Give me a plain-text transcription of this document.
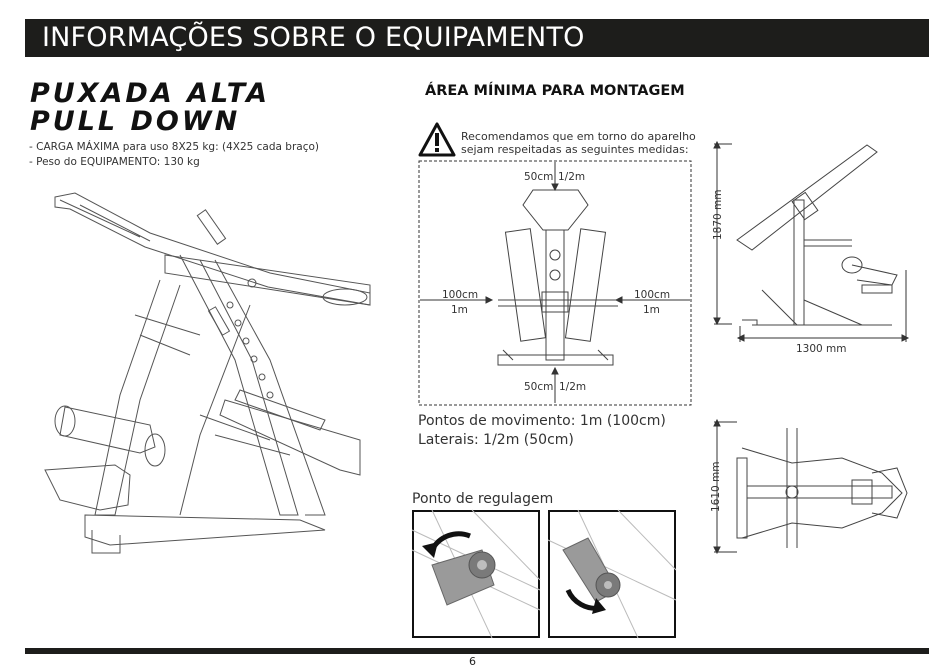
INFORMAÇÕES SOBRE O EQUIPAMENTO
PUXADA ALTA
PULL DOWN
- CARGA MÁXIMA para uso 8X25 kg: (4X25 cada braço)
- Peso do EQUIPAMENTO: 130 kg
ÁREA MÍNIMA PARA MONTAGEM
Recomendamos que em torno do aparelho
sejam respeitadas as seguintes medidas:
50cm 1/2m
100cm
1m
100cm
1m
50cm 1/2m
Pontos de movimento: 1m (100cm)
Laterais: 1/2m (50cm)
Ponto de regulagem
1870 mm
1300 mm
1610 mm
6
